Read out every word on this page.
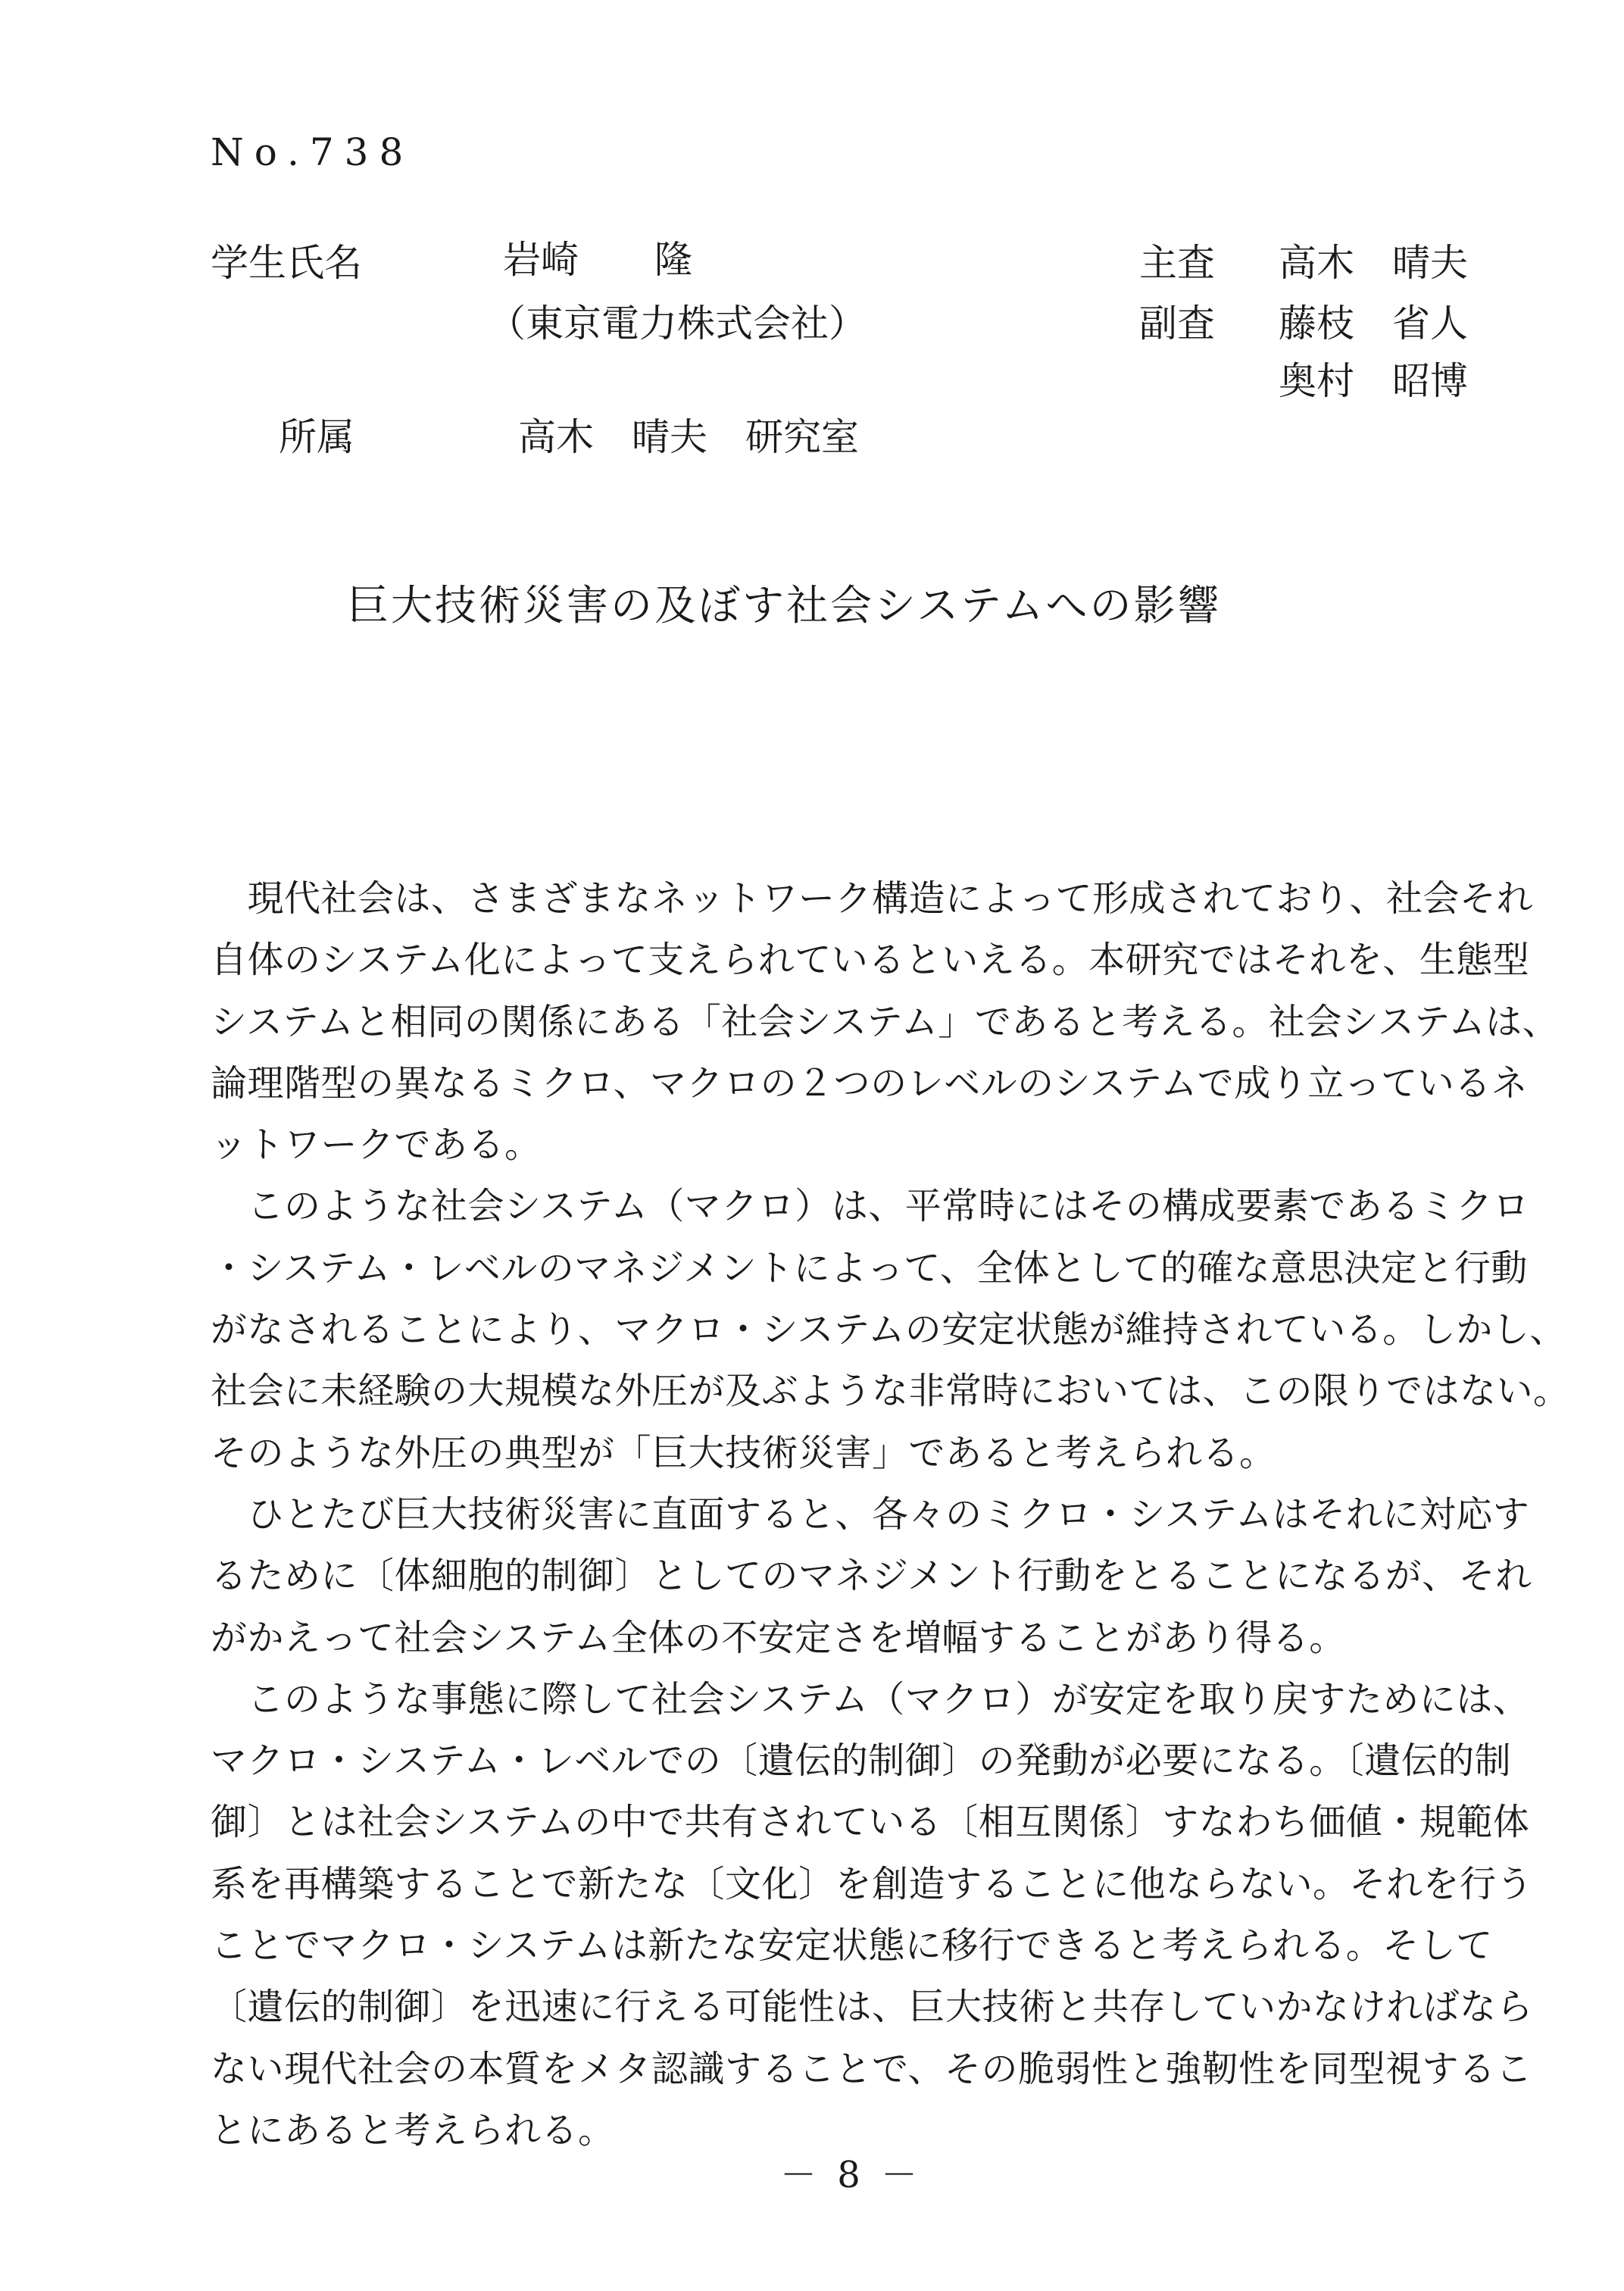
No.738
学生氏名	岩崎　　隆
（東京電力株式会社）
主査 高木　晴夫
副査 藤枝　省人
奥村　昭博
所属	高木　晴夫　研究室
巨大技術災害の及ぼす社会システムへの影響
　現代社会は、さまざまなネットワーク構造によって形成されており、社会それ
自体のシステム化によって支えられているといえる。本研究ではそれを、生態型
システムと相同の関係にある「社会システム」であると考える。社会システムは、
論理階型の異なるミクロ、マクロの２つのレベルのシステムで成り立っているネ
ットワークである。
　このような社会システム（マクロ）は、平常時にはその構成要素であるミクロ
・システム・レベルのマネジメントによって、全体として的確な意思決定と行動
がなされることにより、マクロ・システムの安定状態が維持されている。しかし、
社会に未経験の大規模な外圧が及ぶような非常時においては、この限りではない。
そのような外圧の典型が「巨大技術災害」であると考えられる。
　ひとたび巨大技術災害に直面すると、各々のミクロ・システムはそれに対応す
るために〔体細胞的制御〕としてのマネジメント行動をとることになるが、それ
がかえって社会システム全体の不安定さを増幅することがあり得る。
　このような事態に際して社会システム（マクロ）が安定を取り戻すためには、
マクロ・システム・レベルでの〔遺伝的制御〕の発動が必要になる。〔遺伝的制
御〕とは社会システムの中で共有されている〔相互関係〕すなわち価値・規範体
系を再構築することで新たな〔文化〕を創造することに他ならない。それを行う
ことでマクロ・システムは新たな安定状態に移行できると考えられる。そして
〔遺伝的制御〕を迅速に行える可能性は、巨大技術と共存していかなければなら
ない現代社会の本質をメタ認識することで、その脆弱性と強靭性を同型視するこ
とにあると考えられる。
－ 8 －
